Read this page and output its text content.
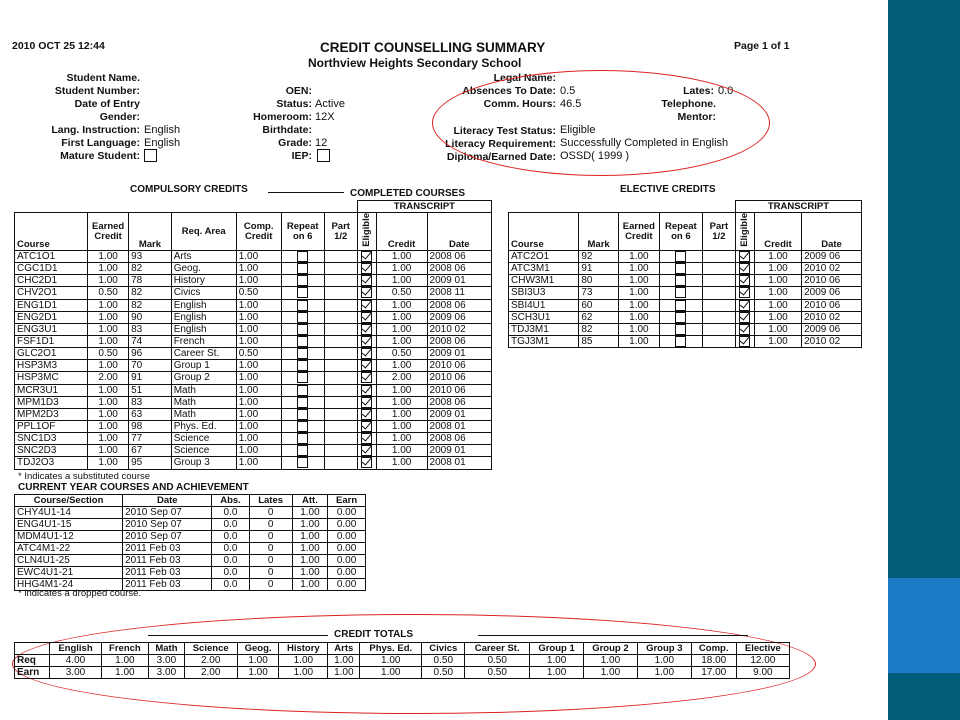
2010 OCT 25 12:44	CREDIT COUNSELLING SUMMARY
Northview Heights Secondary School
Page 1 of 1
Student Name.
Student Number:
Date of Entry
Gender:
Lang. Instruction: English
First Language: English
Mature Student:
OEN:
Status: Active
Homeroom: 12X
Birthdate:
Grade: 12
IEP:
Legal Name:
Absences To Date: 0.5
Comm. Hours: 46.5
Literacy Test Status: Eligible
Literacy Requirement: Successfully Completed in English
Diploma/Earned Date: OSSD( 1999 )
Lates: 0.0
Telephone.
Mentor:
COMPULSORY CREDITS	COMPLETED COURSES	ELECTIVE CREDITS
							TRANSCRIPT		
Course	Earned Credit	Mark	Req. Area	Comp. Credit	Repeat on 6	Part 1/2	Eligible	Credit	Date
ATC1O1	1.00	93	Arts	1.00				1.00	2008 06
CGC1D1	1.00	82	Geog.	1.00				1.00	2008 06
CHC2D1	1.00	78	History	1.00				1.00	2009 01
CHV2O1	0.50	82	Civics	0.50				0.50	2008 11
ENG1D1	1.00	82	English	1.00				1.00	2008 06
ENG2D1	1.00	90	English	1.00				1.00	2009 06
ENG3U1	1.00	83	English	1.00				1.00	2010 02
FSF1D1	1.00	74	French	1.00				1.00	2008 06
GLC2O1	0.50	96	Career St.	0.50				0.50	2009 01
HSP3M3	1.00	70	Group 1	1.00				1.00	2010 06
HSP3MC	2.00	91	Group 2	1.00				2.00	2010 06
MCR3U1	1.00	51	Math	1.00				1.00	2010 06
MPM1D3	1.00	83	Math	1.00				1.00	2008 06
MPM2D3	1.00	63	Math	1.00				1.00	2009 01
PPL1OF	1.00	98	Phys. Ed.	1.00				1.00	2008 01
SNC1D3	1.00	77	Science	1.00				1.00	2008 06
SNC2D3	1.00	67	Science	1.00				1.00	2009 01
TDJ2O3	1.00	95	Group 3	1.00				1.00	2008 01
* Indicates a substituted course
CURRENT YEAR COURSES AND ACHIEVEMENT
					TRANSCRIPT		
Course	Mark	Earned Credit	Repeat on 6	Part 1/2	Eligible	Credit	Date
ATC2O1	92	1.00				1.00	2009 06
ATC3M1	91	1.00				1.00	2010 02
CHW3M1	80	1.00				1.00	2010 06
SBI3U3	73	1.00				1.00	2009 06
SBI4U1	60	1.00				1.00	2010 06
SCH3U1	62	1.00				1.00	2010 02
TDJ3M1	82	1.00				1.00	2009 06
TGJ3M1	85	1.00				1.00	2010 02
Course/Section	Date	Abs.	Lates	Att.	Earn
CHY4U1-14	2010 Sep 07	0.0	0	1.00	0.00
ENG4U1-15	2010 Sep 07	0.0	0	1.00	0.00
MDM4U1-12	2010 Sep 07	0.0	0	1.00	0.00
ATC4M1-22	2011 Feb 03	0.0	0	1.00	0.00
CLN4U1-25	2011 Feb 03	0.0	0	1.00	0.00
EWC4U1-21	2011 Feb 03	0.0	0	1.00	0.00
HHG4M1-24	2011 Feb 03	0.0	0	1.00	0.00
* indicates a dropped course.
CREDIT TOTALS
	English	French	Math	Science	Geog.	History	Arts	Phys. Ed.	Civics	Career St.	Group 1	Group 2	Group 3	Comp.	Elective
Req	4.00	1.00	3.00	2.00	1.00	1.00	1.00	1.00	0.50	0.50	1.00	1.00	1.00	18.00	12.00
Earn	3.00	1.00	3.00	2.00	1.00	1.00	1.00	1.00	0.50	0.50	1.00	1.00	1.00	17.00	9.00
